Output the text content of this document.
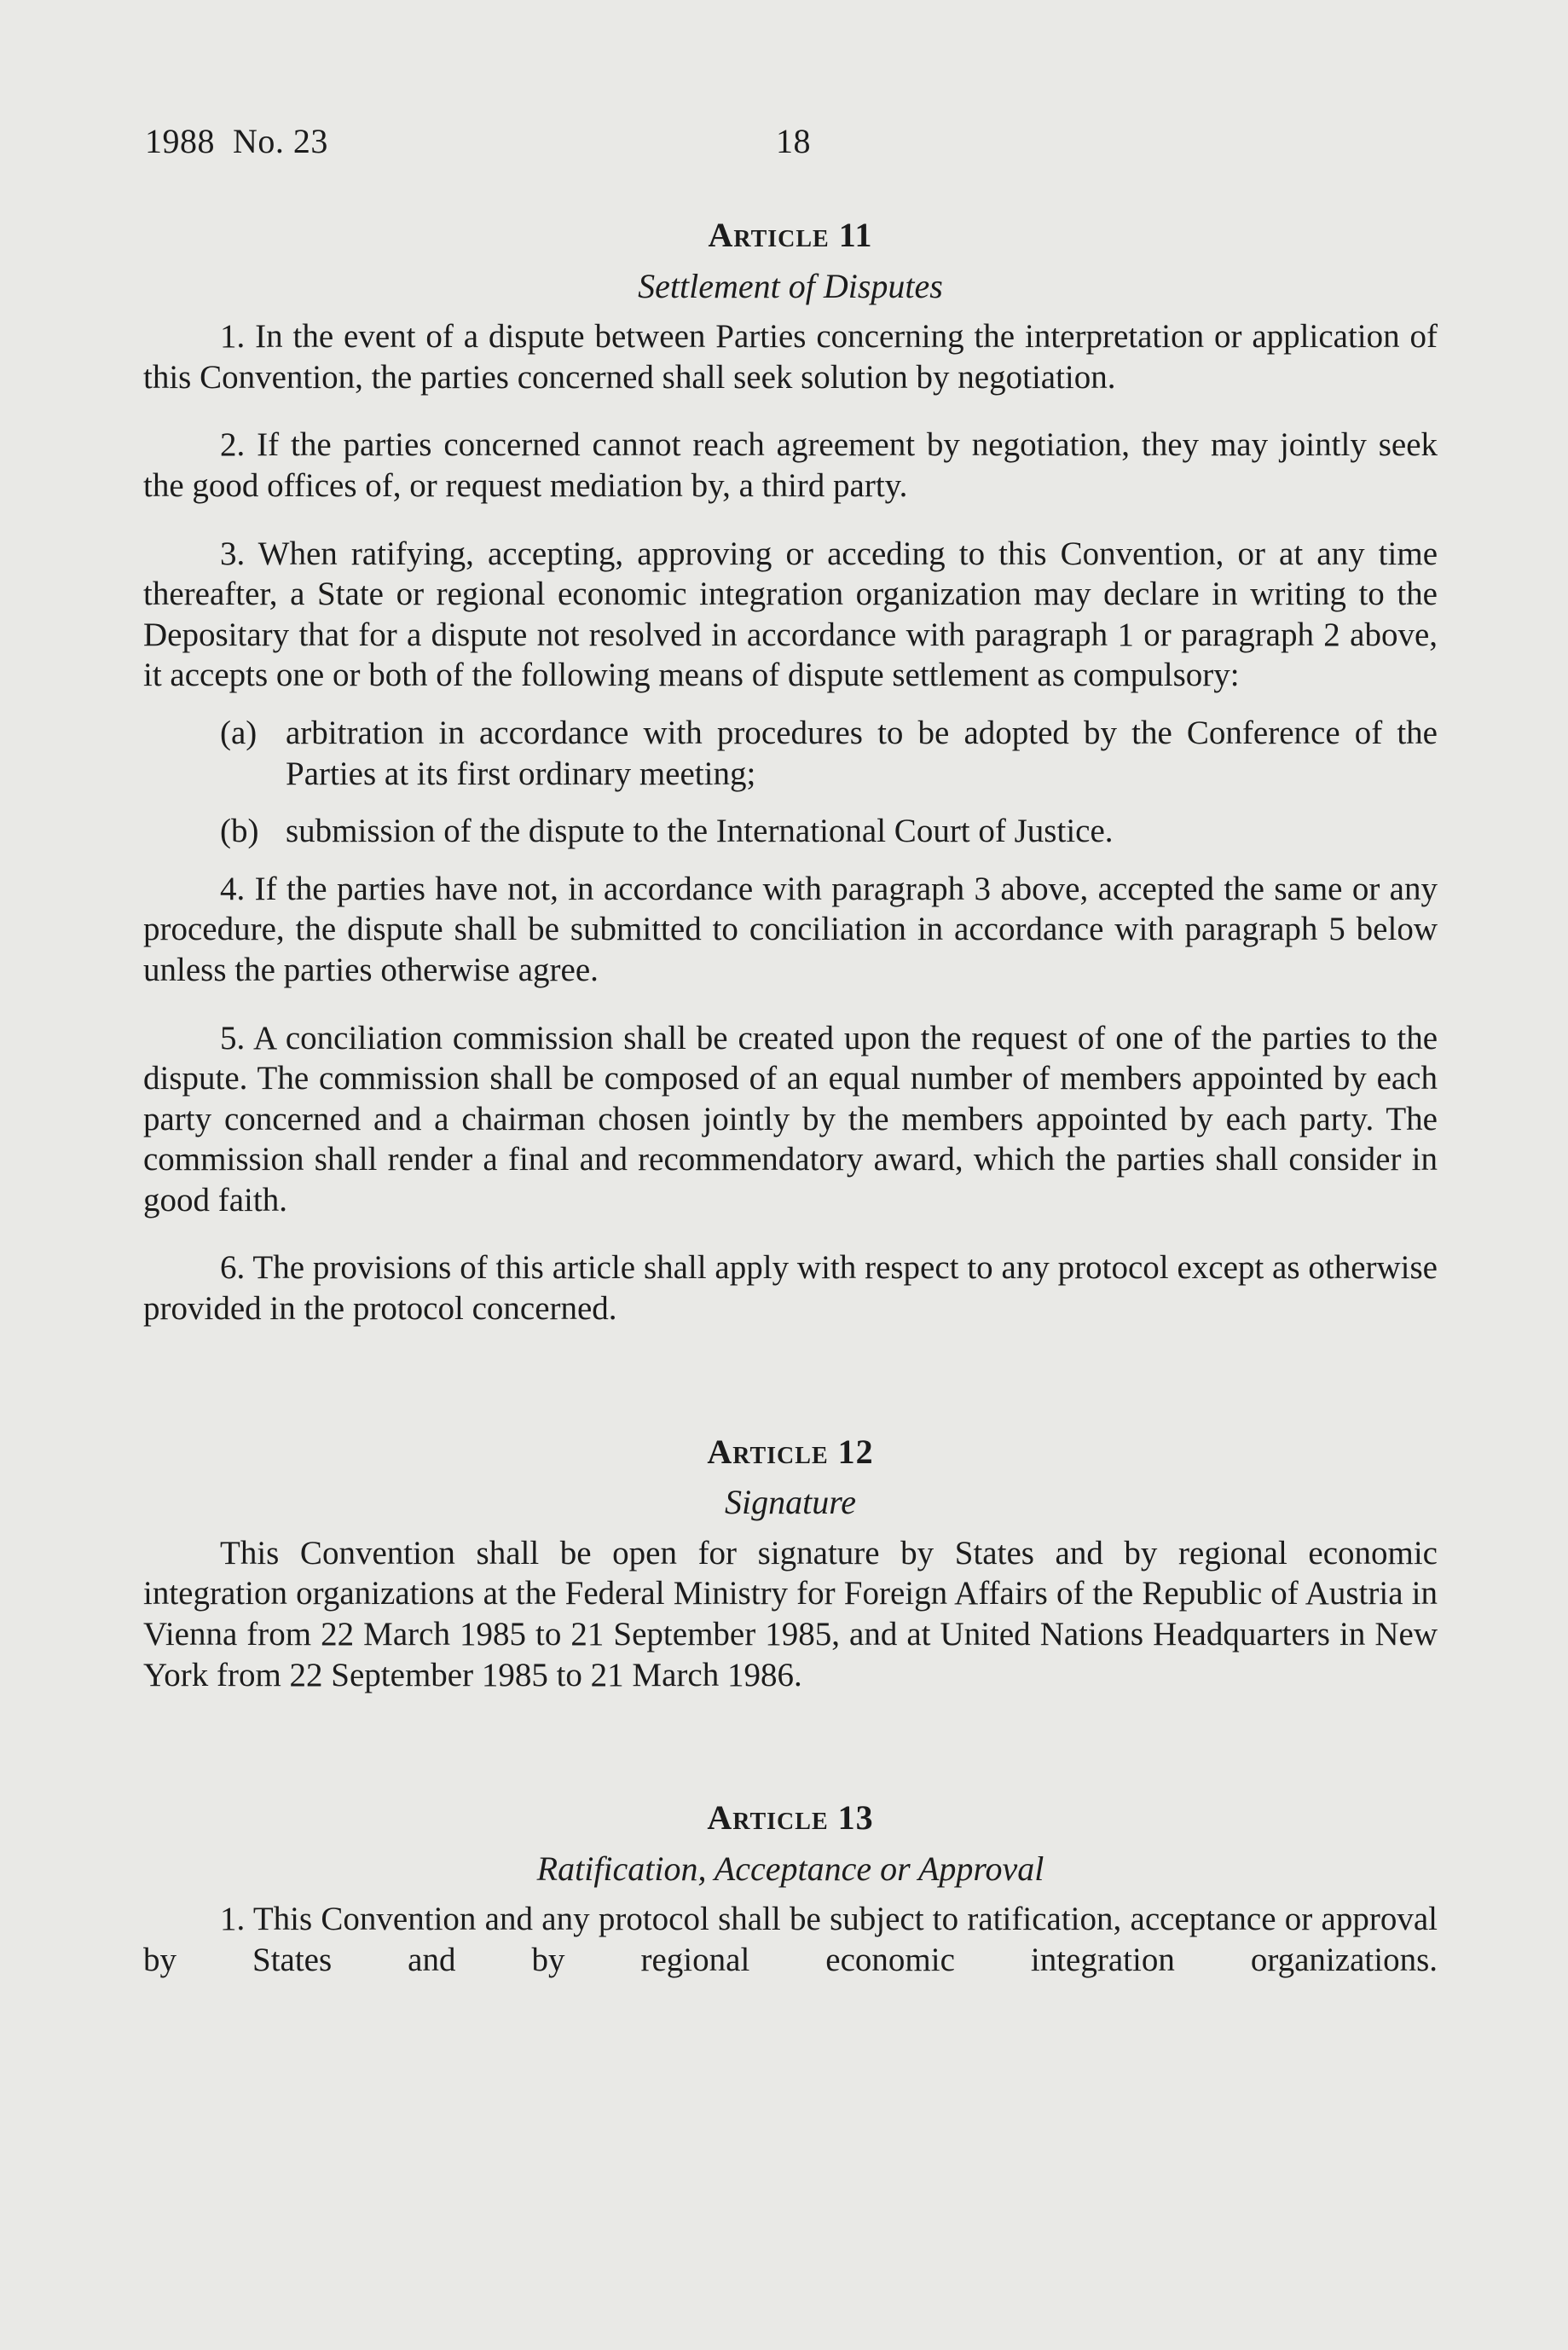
1988  No. 23	18
Article 11
Settlement of Disputes

1. In the event of a dispute between Parties concerning the interpretation or application of this Convention, the parties concerned shall seek solution by negotiation.

2. If the parties concerned cannot reach agreement by negotiation, they may jointly seek the good offices of, or request mediation by, a third party.

3. When ratifying, accepting, approving or acceding to this Convention, or at any time thereafter, a State or regional economic integration organization may declare in writing to the Depositary that for a dispute not resolved in accordance with paragraph 1 or paragraph 2 above, it accepts one or both of the following means of dispute settlement as compulsory:

(a) arbitration in accordance with procedures to be adopted by the Conference of the Parties at its first ordinary meeting;
(b) submission of the dispute to the International Court of Justice.

4. If the parties have not, in accordance with paragraph 3 above, accepted the same or any procedure, the dispute shall be submitted to conciliation in accordance with paragraph 5 below unless the parties otherwise agree.

5. A conciliation commission shall be created upon the request of one of the parties to the dispute. The commission shall be composed of an equal number of members appointed by each party concerned and a chairman chosen jointly by the members appointed by each party. The commission shall render a final and recommendatory award, which the parties shall consider in good faith.

6. The provisions of this article shall apply with respect to any protocol except as otherwise provided in the protocol concerned.

Article 12
Signature

This Convention shall be open for signature by States and by regional economic integration organizations at the Federal Ministry for Foreign Affairs of the Republic of Austria in Vienna from 22 March 1985 to 21 September 1985, and at United Nations Headquarters in New York from 22 September 1985 to 21 March 1986.

Article 13
Ratification, Acceptance or Approval

1. This Convention and any protocol shall be subject to ratification, acceptance or approval by States and by regional economic integration organizations.
